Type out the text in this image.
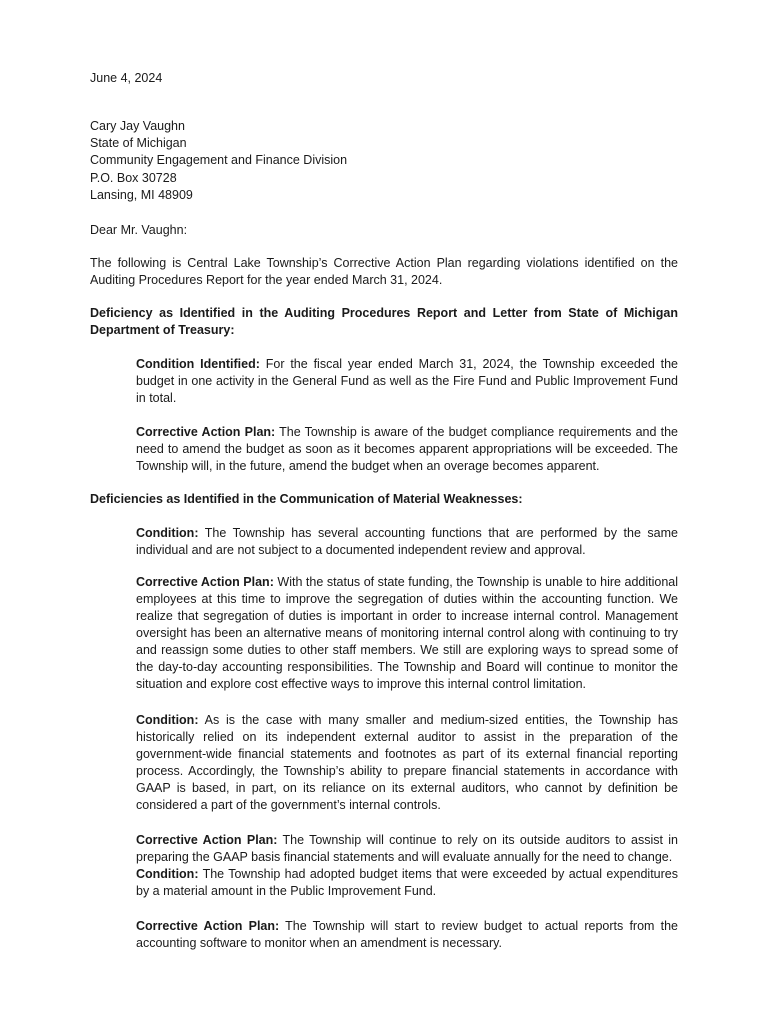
June 4, 2024
Cary Jay Vaughn
State of Michigan
Community Engagement and Finance Division
P.O. Box 30728
Lansing, MI 48909
Dear Mr. Vaughn:

The following is Central Lake Township’s Corrective Action Plan regarding violations identified on the Auditing Procedures Report for the year ended March 31, 2024.

Deficiency as Identified in the Auditing Procedures Report and Letter from State of Michigan Department of Treasury:

Condition Identified: For the fiscal year ended March 31, 2024, the Township exceeded the budget in one activity in the General Fund as well as the Fire Fund and Public Improvement Fund in total.

Corrective Action Plan: The Township is aware of the budget compliance requirements and the need to amend the budget as soon as it becomes apparent appropriations will be exceeded. The Township will, in the future, amend the budget when an overage becomes apparent.

Deficiencies as Identified in the Communication of Material Weaknesses:

Condition: The Township has several accounting functions that are performed by the same individual and are not subject to a documented independent review and approval.

Corrective Action Plan: With the status of state funding, the Township is unable to hire additional employees at this time to improve the segregation of duties within the accounting function. We realize that segregation of duties is important in order to increase internal control. Management oversight has been an alternative means of monitoring internal control along with continuing to try and reassign some duties to other staff members. We still are exploring ways to spread some of the day-to-day accounting responsibilities. The Township and Board will continue to monitor the situation and explore cost effective ways to improve this internal control limitation.

Condition: As is the case with many smaller and medium-sized entities, the Township has historically relied on its independent external auditor to assist in the preparation of the government-wide financial statements and footnotes as part of its external financial reporting process. Accordingly, the Township’s ability to prepare financial statements in accordance with GAAP is based, in part, on its reliance on its external auditors, who cannot by definition be considered a part of the government’s internal controls.

Corrective Action Plan: The Township will continue to rely on its outside auditors to assist in preparing the GAAP basis financial statements and will evaluate annually for the need to change.

Condition: The Township had adopted budget items that were exceeded by actual expenditures by a material amount in the Public Improvement Fund.

Corrective Action Plan: The Township will start to review budget to actual reports from the accounting software to monitor when an amendment is necessary.
